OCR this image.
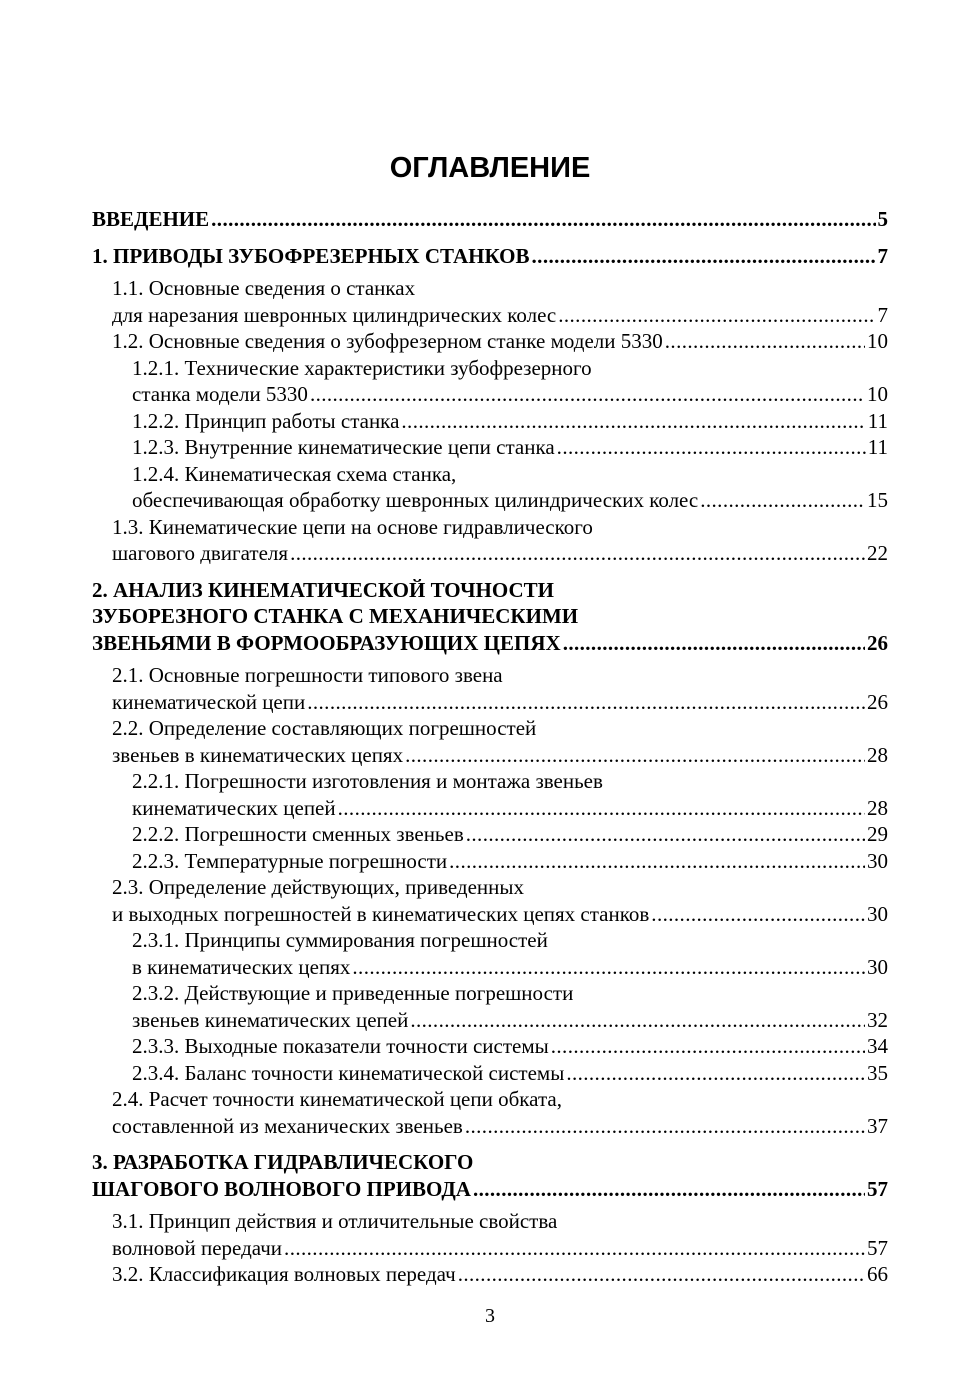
ОГЛАВЛЕНИЕ
ВВЕДЕНИЕ .....	5
1. ПРИВОДЫ ЗУБОФРЕЗЕРНЫХ СТАНКОВ .....	7
1.1. Основные сведения о станках
для нарезания шевронных цилиндрических колес .....	7
1.2. Основные сведения о зубофрезерном станке модели 5330 .....	10
1.2.1. Технические характеристики зубофрезерного
станка модели 5330 .....	10
1.2.2. Принцип работы станка .....	11
1.2.3. Внутренние кинематические цепи станка .....	11
1.2.4. Кинематическая схема станка,
обеспечивающая обработку шевронных цилиндрических колес .....	15
1.3. Кинематические цепи на основе гидравлического
шагового двигателя .....	22
2. АНАЛИЗ КИНЕМАТИЧЕСКОЙ ТОЧНОСТИ
ЗУБОРЕЗНОГО СТАНКА С МЕХАНИЧЕСКИМИ
ЗВЕНЬЯМИ В ФОРМООБРАЗУЮЩИХ ЦЕПЯХ .....	26
2.1. Основные погрешности типового звена
кинематической цепи .....	26
2.2. Определение составляющих погрешностей
звеньев в кинематических цепях .....	28
2.2.1. Погрешности изготовления и монтажа звеньев
кинематических цепей .....	28
2.2.2. Погрешности сменных звеньев .....	29
2.2.3. Температурные погрешности .....	30
2.3. Определение действующих, приведенных
и выходных погрешностей в кинематических цепях станков .....	30
2.3.1. Принципы суммирования погрешностей
в кинематических цепях .....	30
2.3.2. Действующие и приведенные погрешности
звеньев кинематических цепей .....	32
2.3.3. Выходные показатели точности системы .....	34
2.3.4. Баланс точности кинематической системы .....	35
2.4. Расчет точности кинематической цепи обката,
составленной из механических звеньев .....	37
3. РАЗРАБОТКА ГИДРАВЛИЧЕСКОГО
ШАГОВОГО ВОЛНОВОГО ПРИВОДА .....	57
3.1. Принцип действия и отличительные свойства
волновой передачи .....	57
3.2. Классификация волновых передач .....	66
3
